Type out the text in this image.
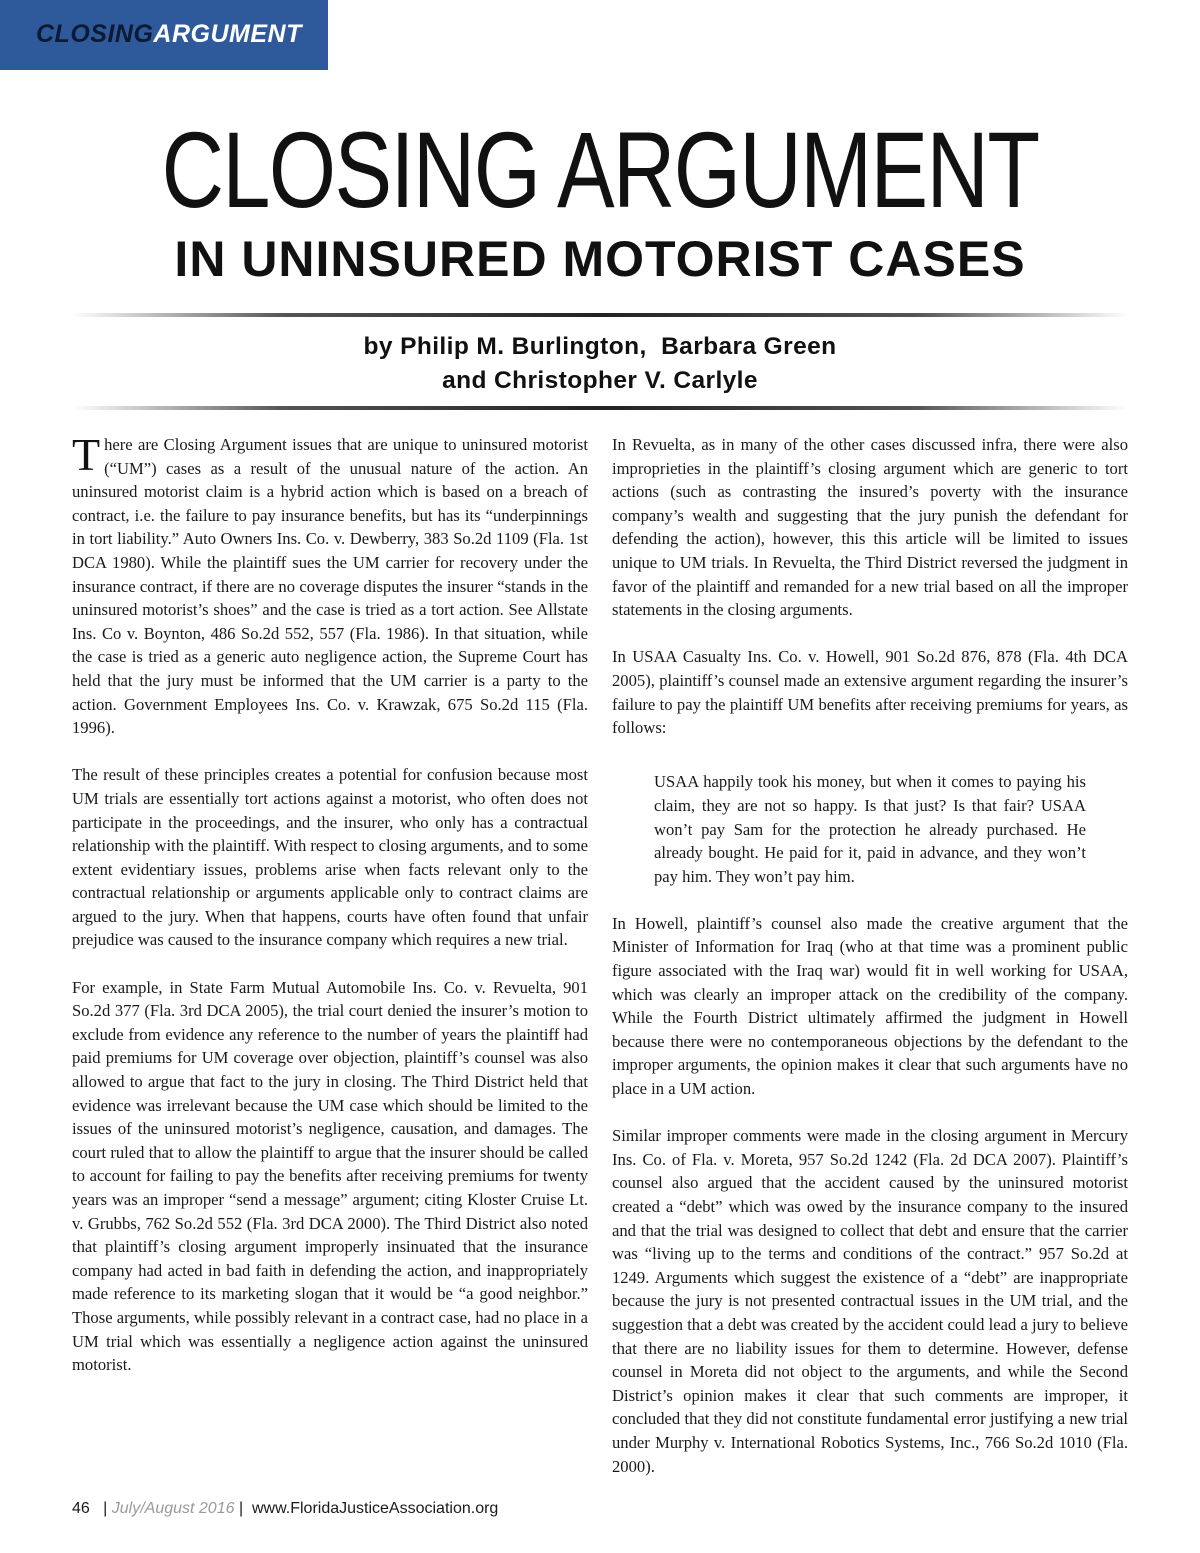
CLOSINGARGUMENT
CLOSING ARGUMENT
IN UNINSURED MOTORIST CASES
by Philip M. Burlington,  Barbara Green
and Christopher V. Carlyle

There are Closing Argument issues that are unique to uninsured motorist (“UM”) cases as a result of the unusual nature of the action. An uninsured motorist claim is a hybrid action which is based on a breach of contract, i.e. the failure to pay insurance benefits, but has its “underpinnings in tort liability.” Auto Owners Ins. Co. v. Dewberry, 383 So.2d 1109 (Fla. 1st DCA 1980). While the plaintiff sues the UM carrier for recovery under the insurance contract, if there are no coverage disputes the insurer “stands in the uninsured motorist’s shoes” and the case is tried as a tort action. See Allstate Ins. Co v. Boynton, 486 So.2d 552, 557 (Fla. 1986). In that situation, while the case is tried as a generic auto negligence action, the Supreme Court has held that the jury must be informed that the UM carrier is a party to the action. Government Employees Ins. Co. v. Krawzak, 675 So.2d 115 (Fla. 1996).

The result of these principles creates a potential for confusion because most UM trials are essentially tort actions against a motorist, who often does not participate in the proceedings, and the insurer, who only has a contractual relationship with the plaintiff. With respect to closing arguments, and to some extent evidentiary issues, problems arise when facts relevant only to the contractual relationship or arguments applicable only to contract claims are argued to the jury. When that happens, courts have often found that unfair prejudice was caused to the insurance company which requires a new trial.

For example, in State Farm Mutual Automobile Ins. Co. v. Revuelta, 901 So.2d 377 (Fla. 3rd DCA 2005), the trial court denied the insurer’s motion to exclude from evidence any reference to the number of years the plaintiff had paid premiums for UM coverage over objection, plaintiff’s counsel was also allowed to argue that fact to the jury in closing. The Third District held that evidence was irrelevant because the UM case which should be limited to the issues of the uninsured motorist’s negligence, causation, and damages. The court ruled that to allow the plaintiff to argue that the insurer should be called to account for failing to pay the benefits after receiving premiums for twenty years was an improper “send a message” argument; citing Kloster Cruise Lt. v. Grubbs, 762 So.2d 552 (Fla. 3rd DCA 2000). The Third District also noted that plaintiff’s closing argument improperly insinuated that the insurance company had acted in bad faith in defending the action, and inappropriately made reference to its marketing slogan that it would be “a good neighbor.” Those arguments, while possibly relevant in a contract case, had no place in a UM trial which was essentially a negligence action against the uninsured motorist.

In Revuelta, as in many of the other cases discussed infra, there were also improprieties in the plaintiff’s closing argument which are generic to tort actions (such as contrasting the insured’s poverty with the insurance company’s wealth and suggesting that the jury punish the defendant for defending the action), however, this this article will be limited to issues unique to UM trials. In Revuelta, the Third District reversed the judgment in favor of the plaintiff and remanded for a new trial based on all the improper statements in the closing arguments.

In USAA Casualty Ins. Co. v. Howell, 901 So.2d 876, 878 (Fla. 4th DCA 2005), plaintiff’s counsel made an extensive argument regarding the insurer’s failure to pay the plaintiff UM benefits after receiving premiums for years, as follows:

USAA happily took his money, but when it comes to paying his claim, they are not so happy. Is that just? Is that fair? USAA won’t pay Sam for the protection he already purchased. He already bought. He paid for it, paid in advance, and they won’t pay him. They won’t pay him.

In Howell, plaintiff’s counsel also made the creative argument that the Minister of Information for Iraq (who at that time was a prominent public figure associated with the Iraq war) would fit in well working for USAA, which was clearly an improper attack on the credibility of the company. While the Fourth District ultimately affirmed the judgment in Howell because there were no contemporaneous objections by the defendant to the improper arguments, the opinion makes it clear that such arguments have no place in a UM action.

Similar improper comments were made in the closing argument in Mercury Ins. Co. of Fla. v. Moreta, 957 So.2d 1242 (Fla. 2d DCA 2007). Plaintiff’s counsel also argued that the accident caused by the uninsured motorist created a “debt” which was owed by the insurance company to the insured and that the trial was designed to collect that debt and ensure that the carrier was “living up to the terms and conditions of the contract.” 957 So.2d at 1249. Arguments which suggest the existence of a “debt” are inappropriate because the jury is not presented contractual issues in the UM trial, and the suggestion that a debt was created by the accident could lead a jury to believe that there are no liability issues for them to determine. However, defense counsel in Moreta did not object to the arguments, and while the Second District’s opinion makes it clear that such comments are improper, it concluded that they did not constitute fundamental error justifying a new trial under Murphy v. International Robotics Systems, Inc., 766 So.2d 1010 (Fla. 2000).

46 | July/August 2016 | www.FloridaJusticeAssociation.org
